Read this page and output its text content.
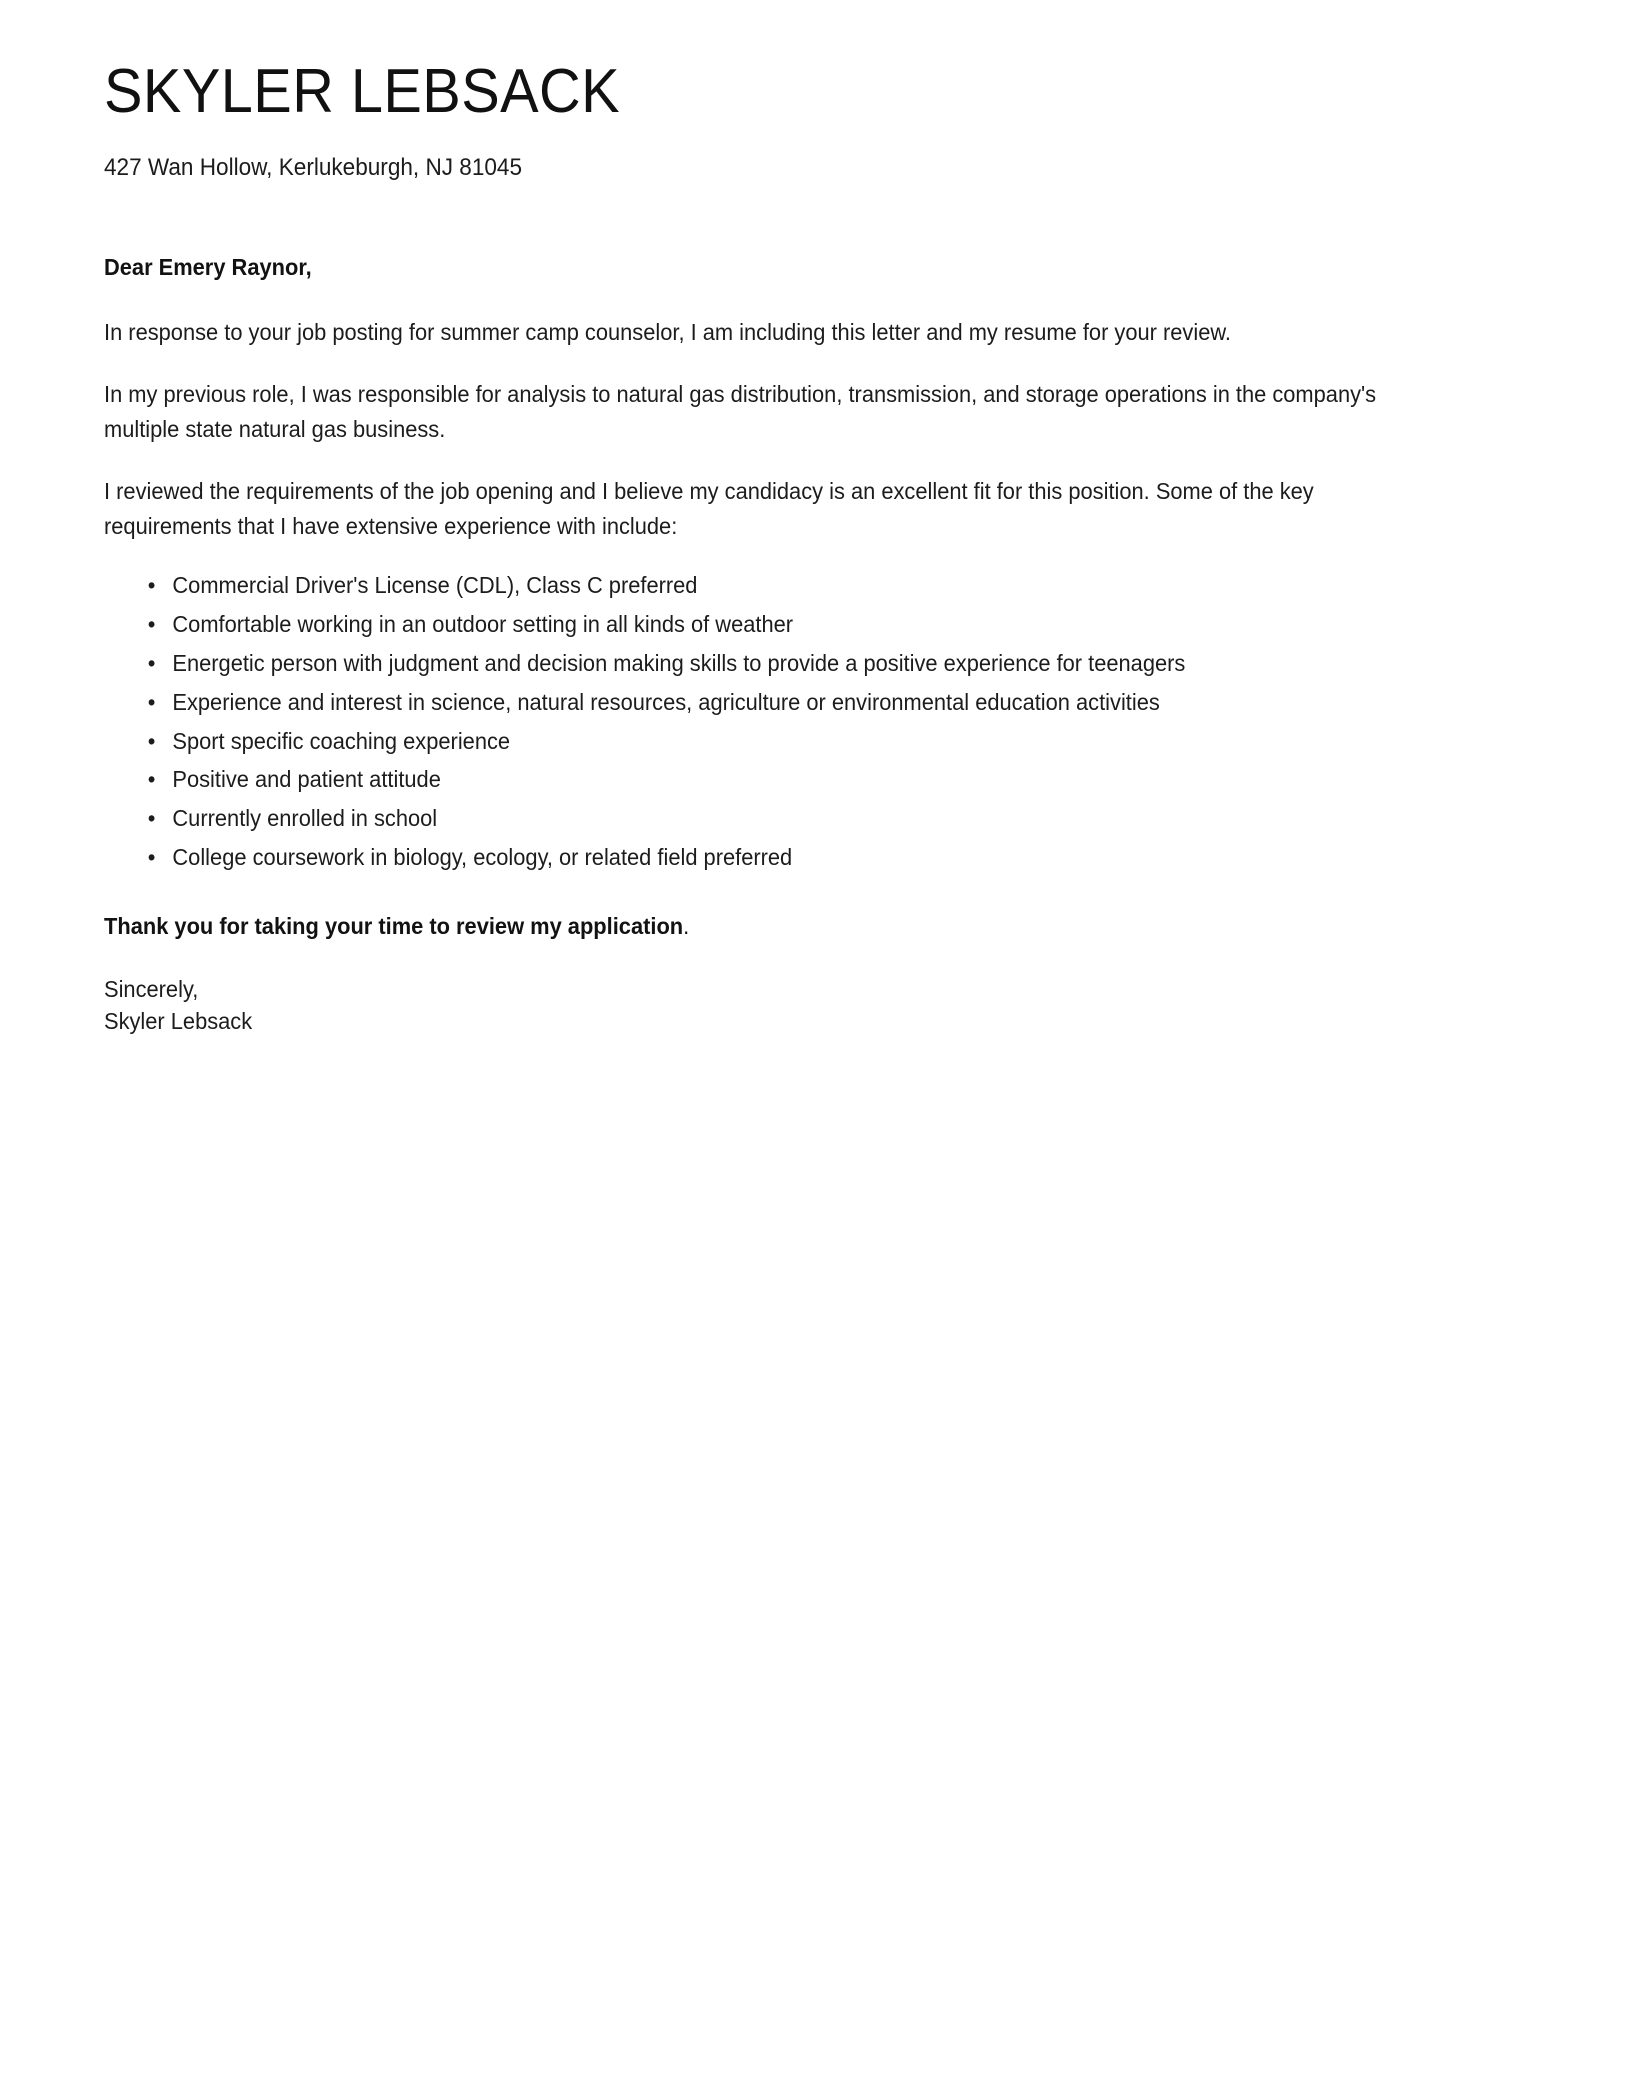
SKYLER LEBSACK
427 Wan Hollow, Kerlukeburgh, NJ 81045

Dear Emery Raynor,

In response to your job posting for summer camp counselor, I am including this letter and my resume for your review.

In my previous role, I was responsible for analysis to natural gas distribution, transmission, and storage operations in the company's multiple state natural gas business.

I reviewed the requirements of the job opening and I believe my candidacy is an excellent fit for this position. Some of the key requirements that I have extensive experience with include:

• Commercial Driver's License (CDL), Class C preferred
• Comfortable working in an outdoor setting in all kinds of weather
• Energetic person with judgment and decision making skills to provide a positive experience for teenagers
• Experience and interest in science, natural resources, agriculture or environmental education activities
• Sport specific coaching experience
• Positive and patient attitude
• Currently enrolled in school
• College coursework in biology, ecology, or related field preferred

Thank you for taking your time to review my application.

Sincerely,
Skyler Lebsack
